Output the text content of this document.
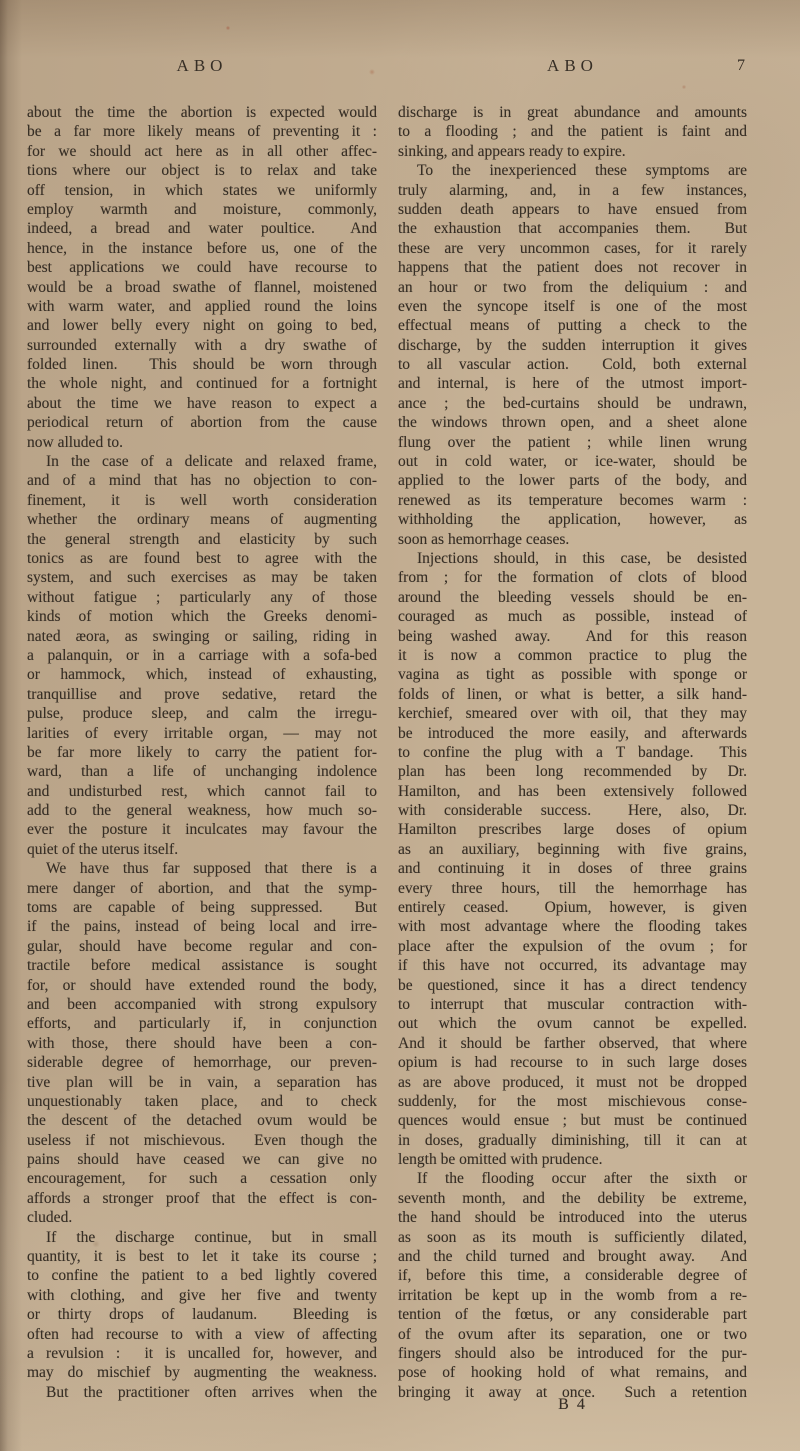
ABO	ABO	7
about the time the abortion is expected would
be a far more likely means of preventing it :
for we should act here as in all other affec-
tions where our object is to relax and take
off tension, in which states we uniformly
employ warmth and moisture, commonly,
indeed, a bread and water poultice.  And
hence, in the instance before us, one of the
best applications we could have recourse to
would be a broad swathe of flannel, moistened
with warm water, and applied round the loins
and lower belly every night on going to bed,
surrounded externally with a dry swathe of
folded linen.  This should be worn through
the whole night, and continued for a fortnight
about the time we have reason to expect a
periodical return of abortion from the cause
now alluded to.
In the case of a delicate and relaxed frame,
and of a mind that has no objection to con-
finement, it is well worth consideration
whether the ordinary means of augmenting
the general strength and elasticity by such
tonics as are found best to agree with the
system, and such exercises as may be taken
without fatigue ; particularly any of those
kinds of motion which the Greeks denomi-
nated æora, as swinging or sailing, riding in
a palanquin, or in a carriage with a sofa-bed
or hammock, which, instead of exhausting,
tranquillise and prove sedative, retard the
pulse, produce sleep, and calm the irregu-
larities of every irritable organ, — may not
be far more likely to carry the patient for-
ward, than a life of unchanging indolence
and undisturbed rest, which cannot fail to
add to the general weakness, how much so-
ever the posture it inculcates may favour the
quiet of the uterus itself.
We have thus far supposed that there is a
mere danger of abortion, and that the symp-
toms are capable of being suppressed.  But
if the pains, instead of being local and irre-
gular, should have become regular and con-
tractile before medical assistance is sought
for, or should have extended round the body,
and been accompanied with strong expulsory
efforts, and particularly if, in conjunction
with those, there should have been a con-
siderable degree of hemorrhage, our preven-
tive plan will be in vain, a separation has
unquestionably taken place, and to check
the descent of the detached ovum would be
useless if not mischievous.  Even though the
pains should have ceased we can give no
encouragement, for such a cessation only
affords a stronger proof that the effect is con-
cluded.
If the discharge continue, but in small
quantity, it is best to let it take its course ;
to confine the patient to a bed lightly covered
with clothing, and give her five and twenty
or thirty drops of laudanum.  Bleeding is
often had recourse to with a view of affecting
a revulsion :  it is uncalled for, however, and
may do mischief by augmenting the weakness.
But the practitioner often arrives when the
discharge is in great abundance and amounts
to a flooding ; and the patient is faint and
sinking, and appears ready to expire.
To the inexperienced these symptoms are
truly alarming, and, in a few instances,
sudden death appears to have ensued from
the exhaustion that accompanies them.  But
these are very uncommon cases, for it rarely
happens that the patient does not recover in
an hour or two from the deliquium : and
even the syncope itself is one of the most
effectual means of putting a check to the
discharge, by the sudden interruption it gives
to all vascular action.  Cold, both external
and internal, is here of the utmost import-
ance ; the bed-curtains should be undrawn,
the windows thrown open, and a sheet alone
flung over the patient ; while linen wrung
out in cold water, or ice-water, should be
applied to the lower parts of the body, and
renewed as its temperature becomes warm :
withholding the application, however, as
soon as hemorrhage ceases.
Injections should, in this case, be desisted
from ; for the formation of clots of blood
around the bleeding vessels should be en-
couraged as much as possible, instead of
being washed away.  And for this reason
it is now a common practice to plug the
vagina as tight as possible with sponge or
folds of linen, or what is better, a silk hand-
kerchief, smeared over with oil, that they may
be introduced the more easily, and afterwards
to confine the plug with a T bandage.  This
plan has been long recommended by Dr.
Hamilton, and has been extensively followed
with considerable success.  Here, also, Dr.
Hamilton prescribes large doses of opium
as an auxiliary, beginning with five grains,
and continuing it in doses of three grains
every three hours, till the hemorrhage has
entirely ceased.  Opium, however, is given
with most advantage where the flooding takes
place after the expulsion of the ovum ; for
if this have not occurred, its advantage may
be questioned, since it has a direct tendency
to interrupt that muscular contraction with-
out which the ovum cannot be expelled.
And it should be farther observed, that where
opium is had recourse to in such large doses
as are above produced, it must not be dropped
suddenly, for the most mischievous conse-
quences would ensue ; but must be continued
in doses, gradually diminishing, till it can at
length be omitted with prudence.
If the flooding occur after the sixth or
seventh month, and the debility be extreme,
the hand should be introduced into the uterus
as soon as its mouth is sufficiently dilated,
and the child turned and brought away.  And
if, before this time, a considerable degree of
irritation be kept up in the womb from a re-
tention of the fœtus, or any considerable part
of the ovum after its separation, one or two
fingers should also be introduced for the pur-
pose of hooking hold of what remains, and
bringing it away at once.  Such a retention
B 4
